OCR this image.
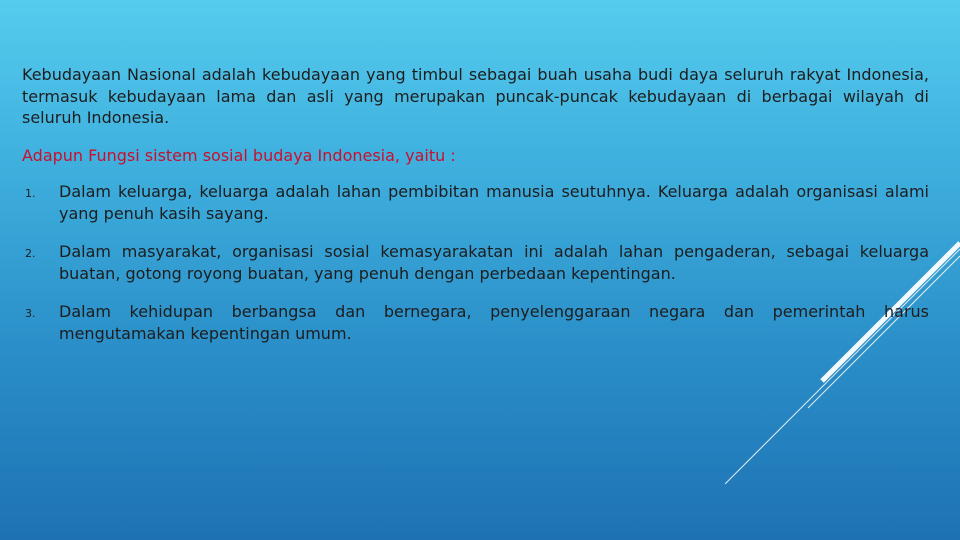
Kebudayaan Nasional adalah kebudayaan yang timbul sebagai buah usaha budi daya seluruh rakyat Indonesia, termasuk kebudayaan lama dan asli yang merupakan puncak-puncak kebudayaan di berbagai wilayah di seluruh Indonesia.

Adapun Fungsi sistem sosial budaya Indonesia, yaitu :

1. Dalam keluarga, keluarga adalah lahan pembibitan manusia seutuhnya. Keluarga adalah organisasi alami yang penuh kasih sayang.
2. Dalam masyarakat, organisasi sosial kemasyarakatan ini adalah lahan pengaderan, sebagai keluarga buatan, gotong royong buatan, yang penuh dengan perbedaan kepentingan.
3. Dalam kehidupan berbangsa dan bernegara, penyelenggaraan negara dan pemerintah harus mengutamakan kepentingan umum.
